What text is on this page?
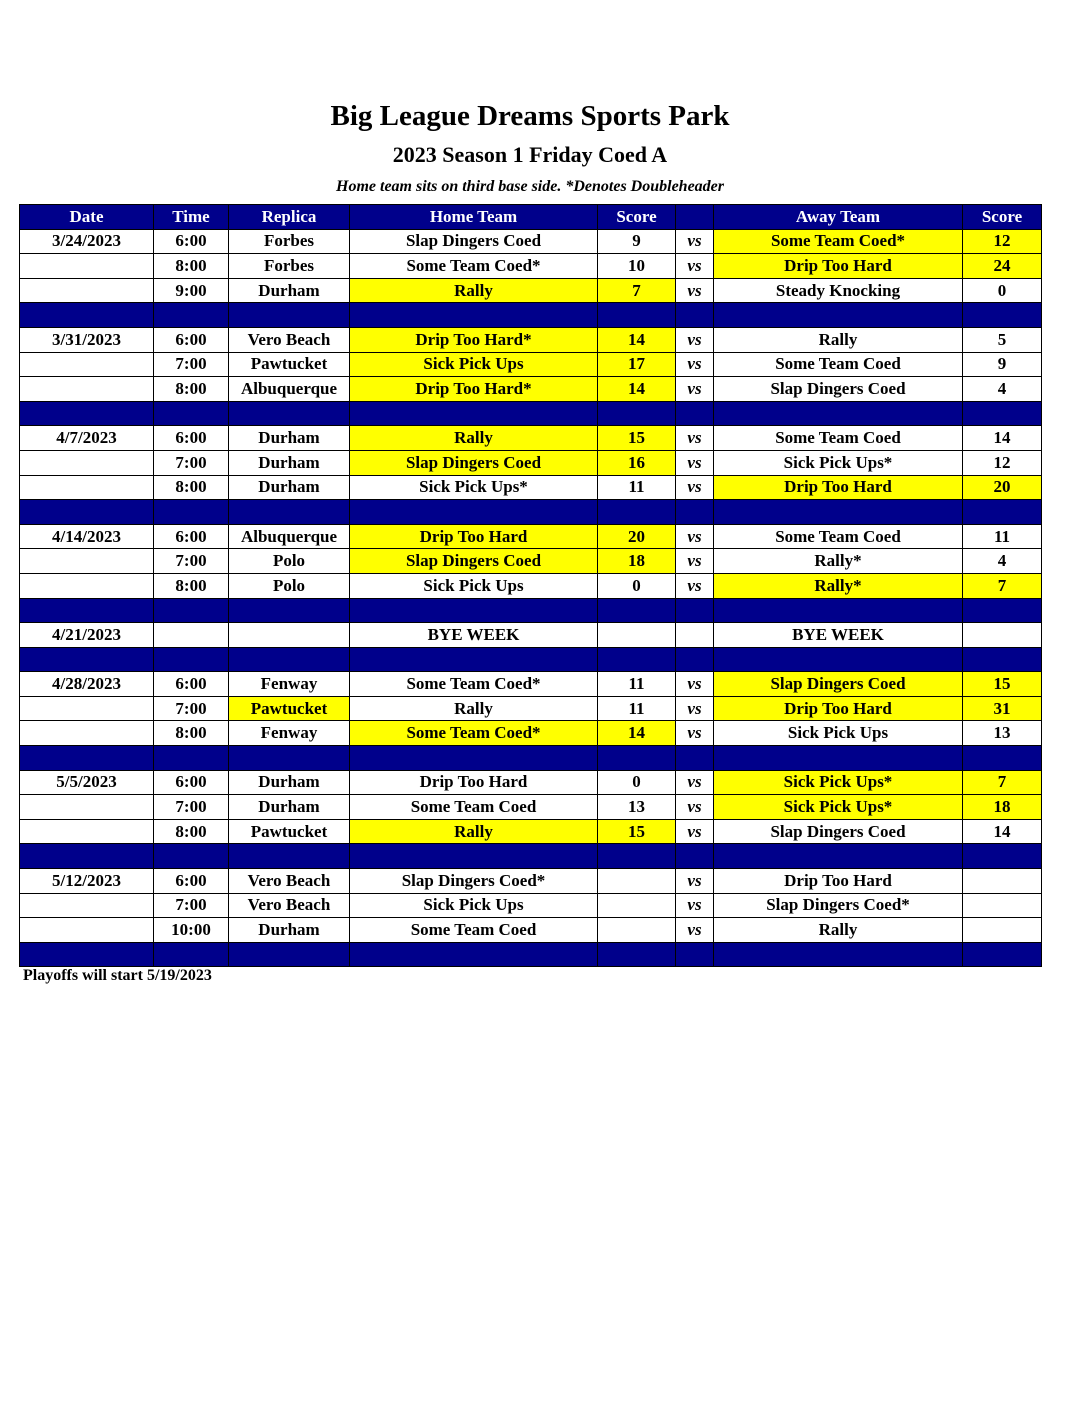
Big League Dreams Sports Park
2023 Season 1 Friday Coed A
Home team sits on third base side. *Denotes Doubleheader
Date	Time	Replica	Home Team	Score		Away Team	Score
3/24/2023	6:00	Forbes	Slap Dingers Coed	9	vs	Some Team Coed*	12
	8:00	Forbes	Some Team Coed*	10	vs	Drip Too Hard	24
	9:00	Durham	Rally	7	vs	Steady Knocking	0

3/31/2023	6:00	Vero Beach	Drip Too Hard*	14	vs	Rally	5
	7:00	Pawtucket	Sick Pick Ups	17	vs	Some Team Coed	9
	8:00	Albuquerque	Drip Too Hard*	14	vs	Slap Dingers Coed	4

4/7/2023	6:00	Durham	Rally	15	vs	Some Team Coed	14
	7:00	Durham	Slap Dingers Coed	16	vs	Sick Pick Ups*	12
	8:00	Durham	Sick Pick Ups*	11	vs	Drip Too Hard	20

4/14/2023	6:00	Albuquerque	Drip Too Hard	20	vs	Some Team Coed	11
	7:00	Polo	Slap Dingers Coed	18	vs	Rally*	4
	8:00	Polo	Sick Pick Ups	0	vs	Rally*	7

4/21/2023			BYE WEEK			BYE WEEK	

4/28/2023	6:00	Fenway	Some Team Coed*	11	vs	Slap Dingers Coed	15
	7:00	Pawtucket	Rally	11	vs	Drip Too Hard	31
	8:00	Fenway	Some Team Coed*	14	vs	Sick Pick Ups	13

5/5/2023	6:00	Durham	Drip Too Hard	0	vs	Sick Pick Ups*	7
	7:00	Durham	Some Team Coed	13	vs	Sick Pick Ups*	18
	8:00	Pawtucket	Rally	15	vs	Slap Dingers Coed	14

5/12/2023	6:00	Vero Beach	Slap Dingers Coed*		vs	Drip Too Hard	
	7:00	Vero Beach	Sick Pick Ups		vs	Slap Dingers Coed*	
	10:00	Durham	Some Team Coed		vs	Rally	

Playoffs will start 5/19/2023
